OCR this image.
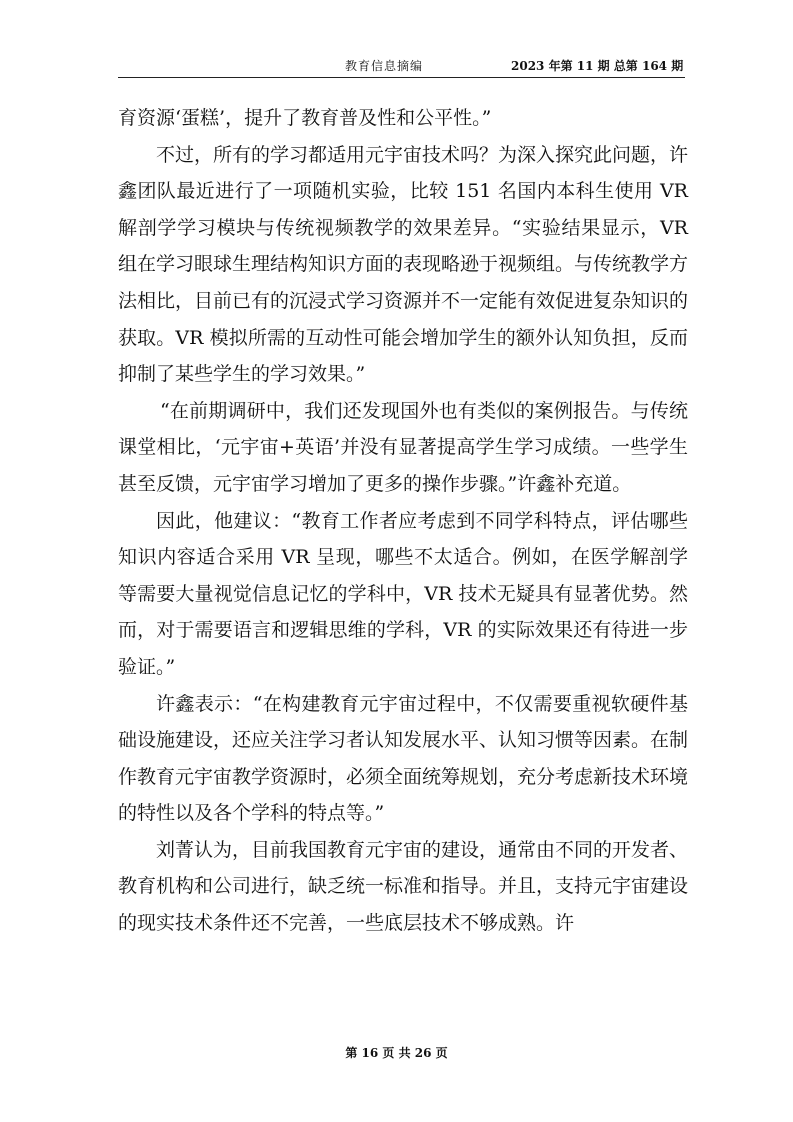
教育信息摘编	2023 年第 11 期 总第 164 期

育资源‘蛋糕’，提升了教育普及性和公平性。”

不过，所有的学习都适用元宇宙技术吗？为深入探究此问题，许鑫团队最近进行了一项随机实验，比较 151 名国内本科生使用 VR 解剖学学习模块与传统视频教学的效果差异。“实验结果显示，VR 组在学习眼球生理结构知识方面的表现略逊于视频组。与传统教学方法相比，目前已有的沉浸式学习资源并不一定能有效促进复杂知识的获取。VR 模拟所需的互动性可能会增加学生的额外认知负担，反而抑制了某些学生的学习效果。”

“在前期调研中，我们还发现国外也有类似的案例报告。与传统课堂相比，‘元宇宙+英语’并没有显著提高学生学习成绩。一些学生甚至反馈，元宇宙学习增加了更多的操作步骤。”许鑫补充道。

因此，他建议：“教育工作者应考虑到不同学科特点，评估哪些知识内容适合采用 VR 呈现，哪些不太适合。例如，在医学解剖学等需要大量视觉信息记忆的学科中，VR 技术无疑具有显著优势。然而，对于需要语言和逻辑思维的学科，VR 的实际效果还有待进一步验证。”

许鑫表示：“在构建教育元宇宙过程中，不仅需要重视软硬件基础设施建设，还应关注学习者认知发展水平、认知习惯等因素。在制作教育元宇宙教学资源时，必须全面统筹规划，充分考虑新技术环境的特性以及各个学科的特点等。”

刘菁认为，目前我国教育元宇宙的建设，通常由不同的开发者、教育机构和公司进行，缺乏统一标准和指导。并且，支持元宇宙建设的现实技术条件还不完善，一些底层技术不够成熟。许

第 16 页 共 26 页
